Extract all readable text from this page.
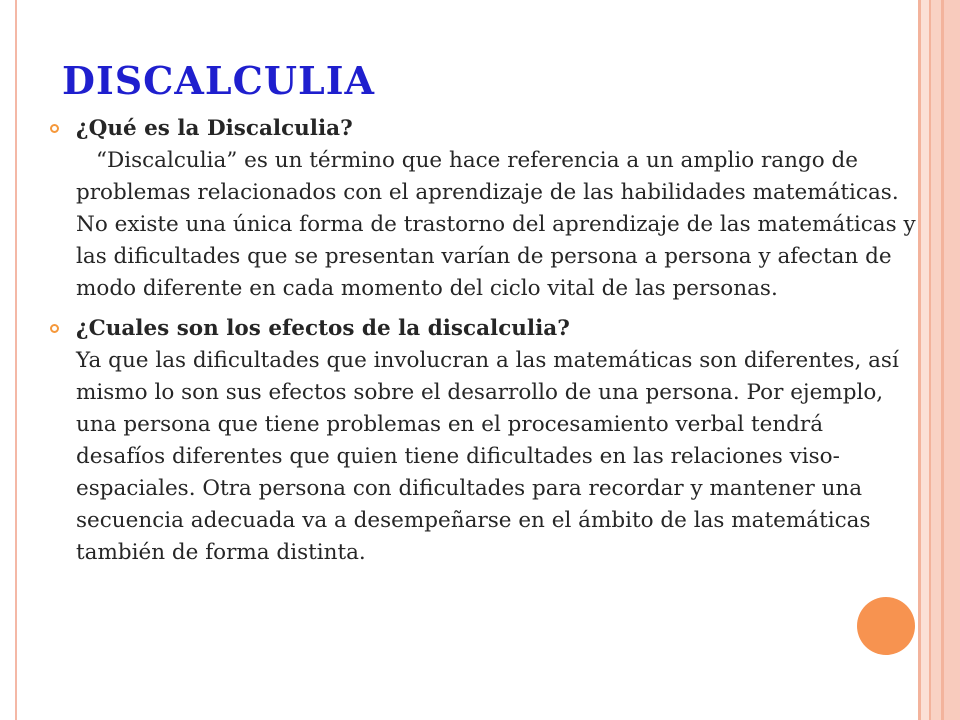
DISCALCULIA
¿Qué es la Discalculia?
“Discalculia” es un término que hace referencia a un amplio rango de problemas relacionados con el aprendizaje de las habilidades matemáticas. No existe una única forma de trastorno del aprendizaje de las matemáticas y las dificultades que se presentan varían de persona a persona y afectan de modo diferente en cada momento del ciclo vital de las personas.
¿Cuales son los efectos de la discalculia?
Ya que las dificultades que involucran a las matemáticas son diferentes, así mismo lo son sus efectos sobre el desarrollo de una persona. Por ejemplo, una persona que tiene problemas en el procesamiento verbal tendrá desafíos diferentes que quien tiene dificultades en las relaciones viso- espaciales. Otra persona con dificultades para recordar y mantener una secuencia adecuada va a desempeñarse en el ámbito de las matemáticas también de forma distinta.
